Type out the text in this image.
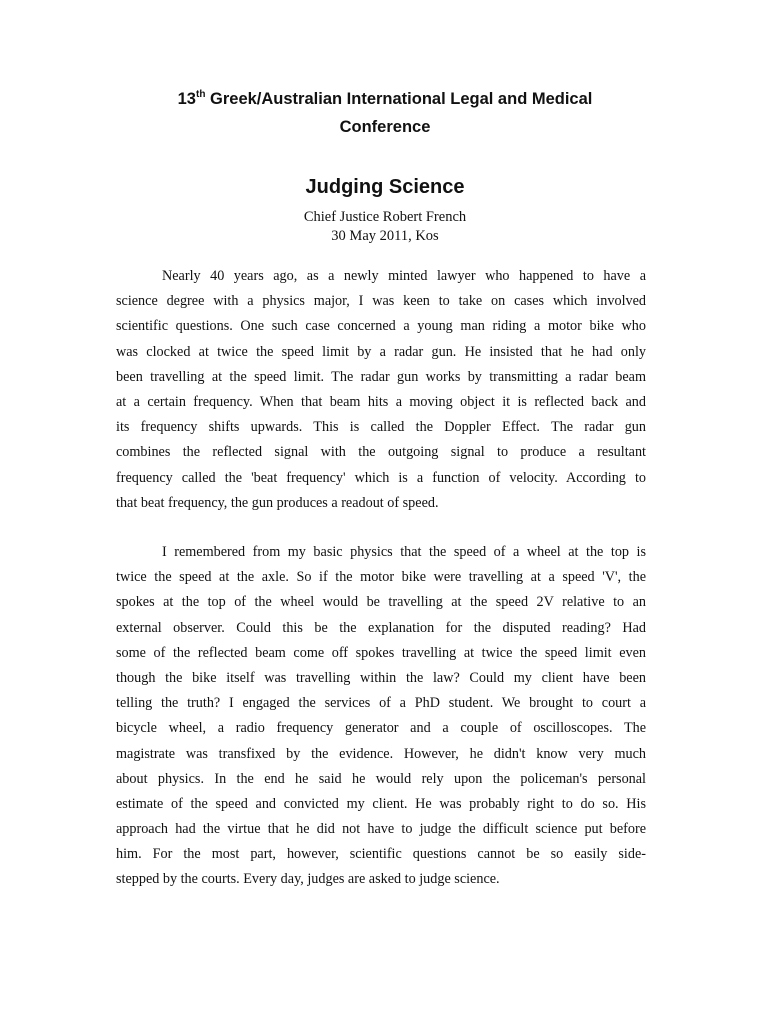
13th Greek/Australian International Legal and Medical
Conference
Judging Science

Chief Justice Robert French

30 May 2011, Kos

Nearly 40 years ago, as a newly minted lawyer who happened to have a
science degree with a physics major, I was keen to take on cases which involved
scientific questions. One such case concerned a young man riding a motor bike who
was clocked at twice the speed limit by a radar gun. He insisted that he had only
been travelling at the speed limit. The radar gun works by transmitting a radar beam
at a certain frequency. When that beam hits a moving object it is reflected back and
its frequency shifts upwards. This is called the Doppler Effect. The radar gun
combines the reflected signal with the outgoing signal to produce a resultant
frequency called the 'beat frequency' which is a function of velocity. According to
that beat frequency, the gun produces a readout of speed.
I remembered from my basic physics that the speed of a wheel at the top is
twice the speed at the axle. So if the motor bike were travelling at a speed 'V', the
spokes at the top of the wheel would be travelling at the speed 2V relative to an
external observer. Could this be the explanation for the disputed reading? Had
some of the reflected beam come off spokes travelling at twice the speed limit even
though the bike itself was travelling within the law? Could my client have been
telling the truth? I engaged the services of a PhD student. We brought to court a
bicycle wheel, a radio frequency generator and a couple of oscilloscopes. The
magistrate was transfixed by the evidence. However, he didn't know very much
about physics. In the end he said he would rely upon the policeman's personal
estimate of the speed and convicted my client. He was probably right to do so. His
approach had the virtue that he did not have to judge the difficult science put before
him. For the most part, however, scientific questions cannot be so easily side-
stepped by the courts. Every day, judges are asked to judge science.
